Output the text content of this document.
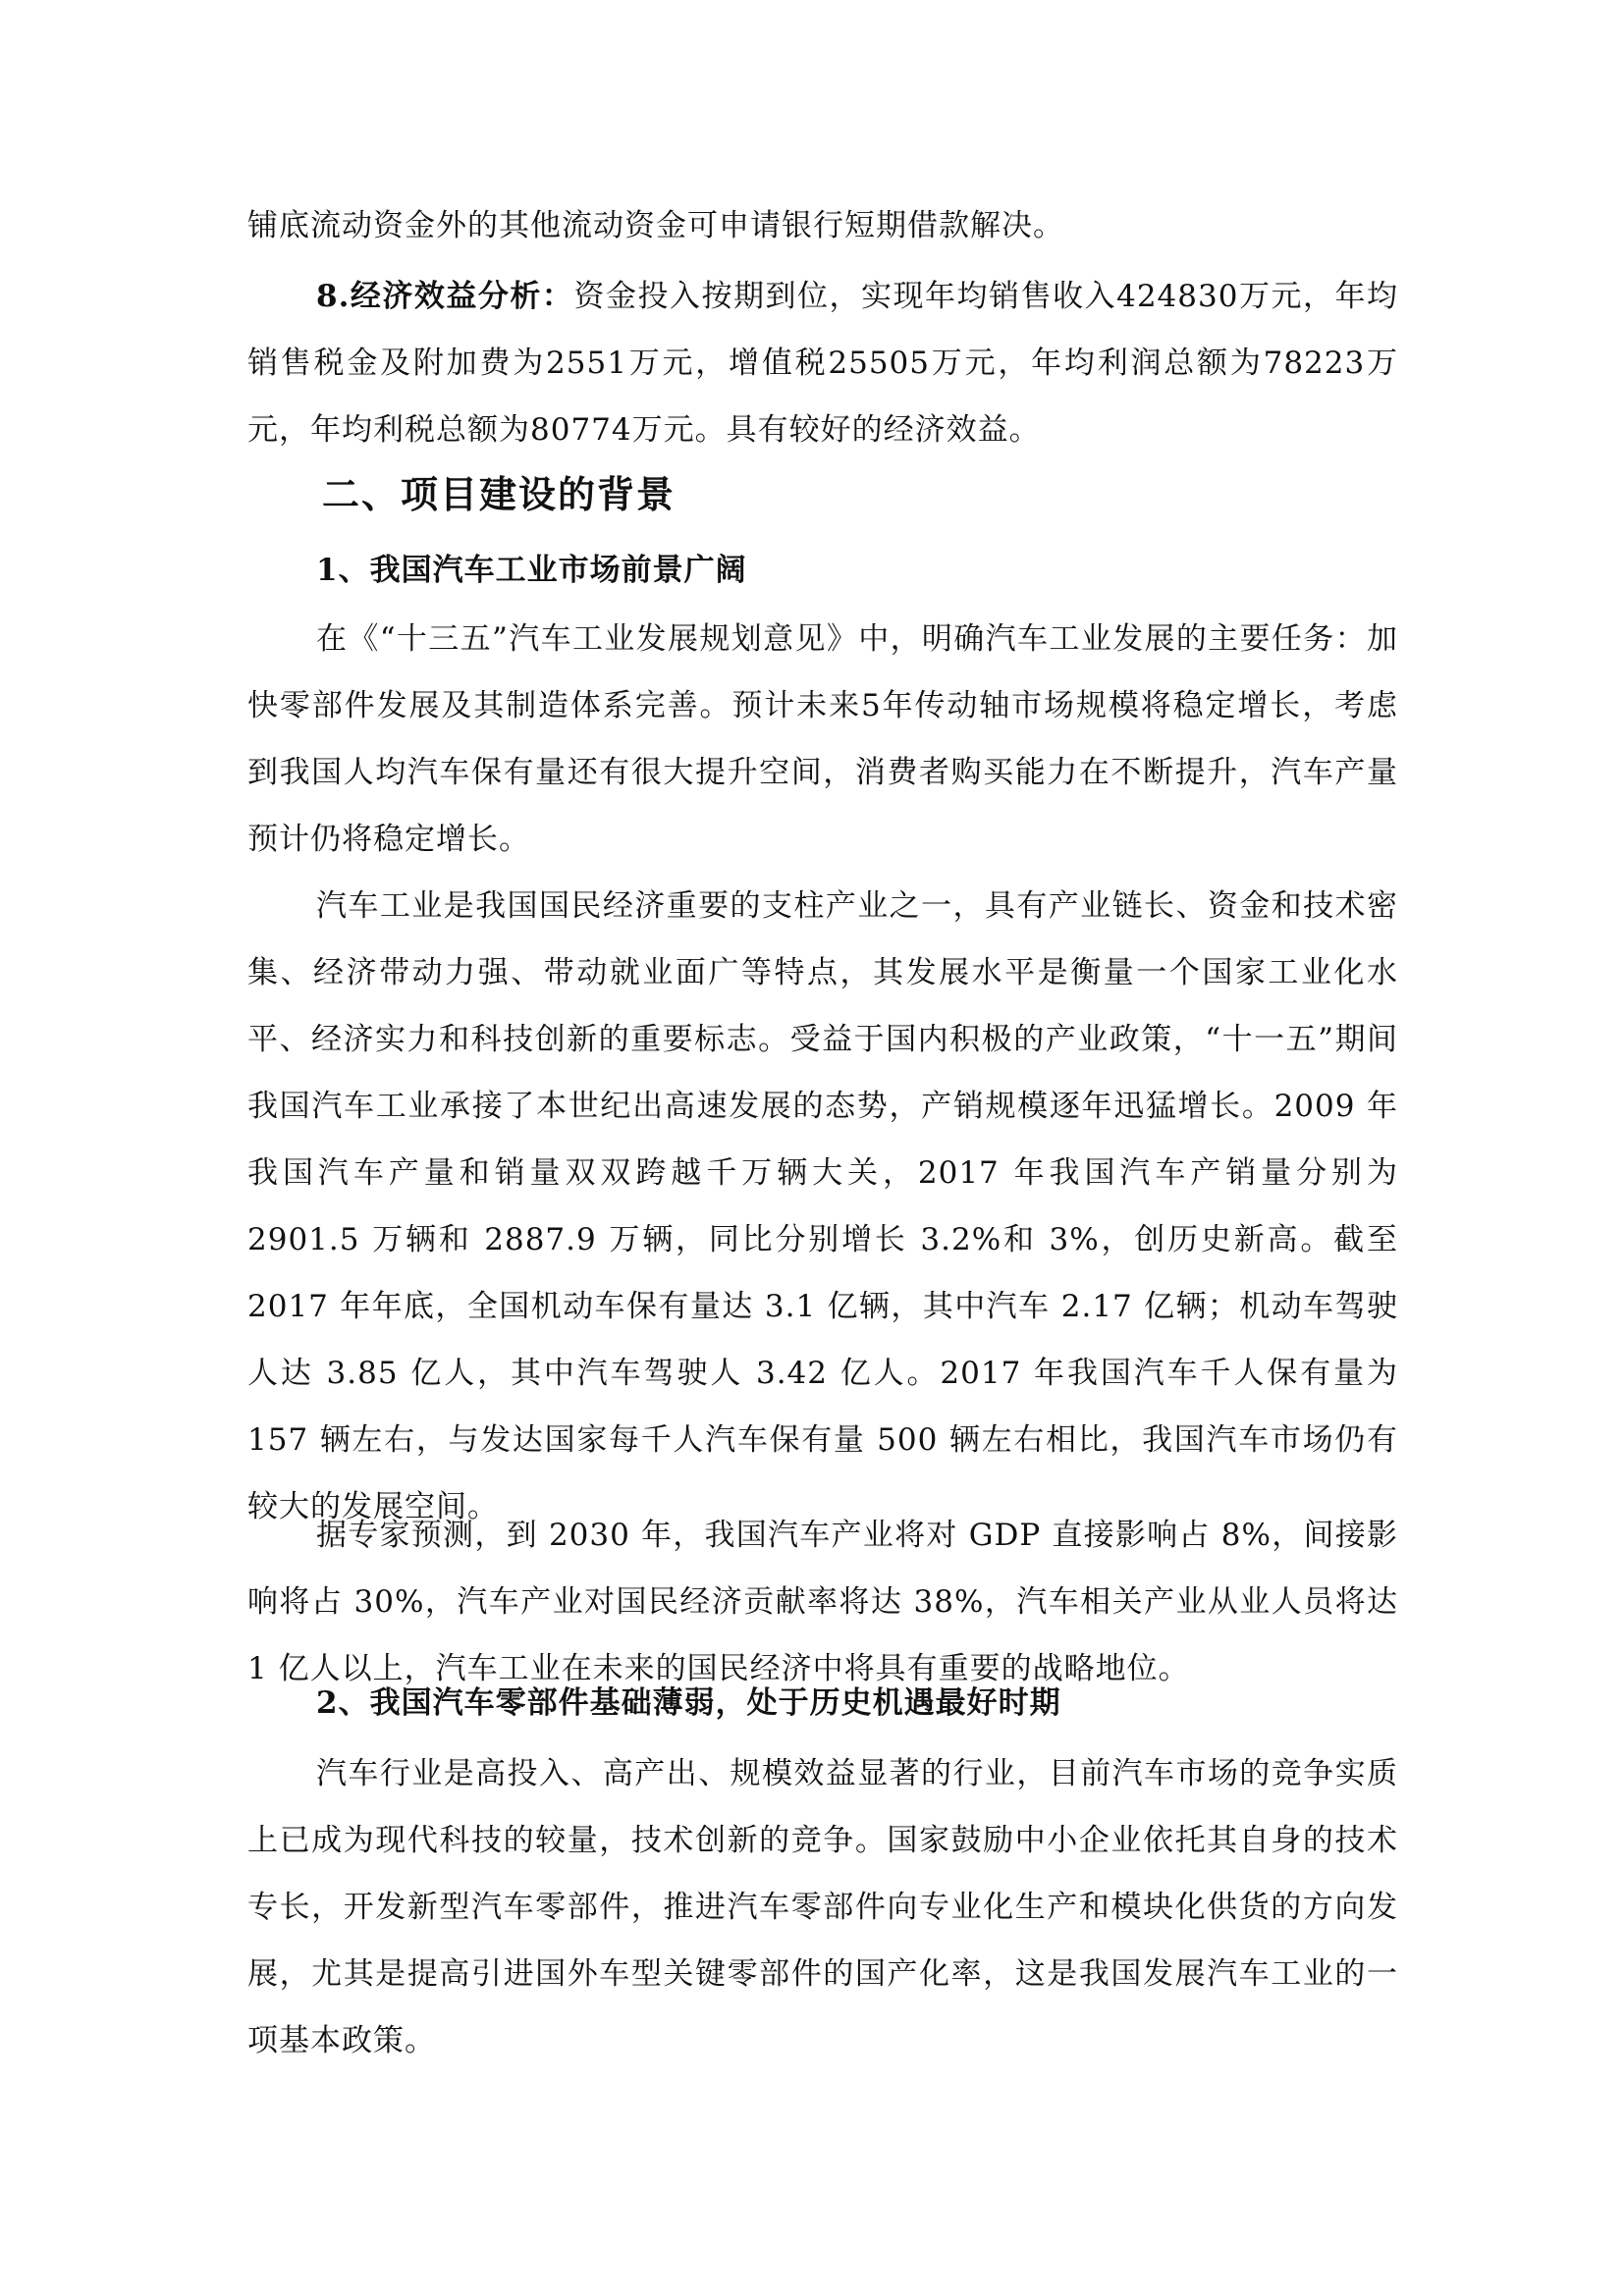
铺底流动资金外的其他流动资金可申请银行短期借款解决。

8.经济效益分析：资金投入按期到位，实现年均销售收入424830万元，年均销售税金及附加费为2551万元，增值税25505万元，年均利润总额为78223万元，年均利税总额为80774万元。具有较好的经济效益。

二、项目建设的背景
1、我国汽车工业市场前景广阔

在《“十三五”汽车工业发展规划意见》中，明确汽车工业发展的主要任务：加快零部件发展及其制造体系完善。预计未来5年传动轴市场规模将稳定增长，考虑到我国人均汽车保有量还有很大提升空间，消费者购买能力在不断提升，汽车产量预计仍将稳定增长。

汽车工业是我国国民经济重要的支柱产业之一，具有产业链长、资金和技术密集、经济带动力强、带动就业面广等特点，其发展水平是衡量一个国家工业化水平、经济实力和科技创新的重要标志。受益于国内积极的产业政策，“十一五”期间我国汽车工业承接了本世纪出高速发展的态势，产销规模逐年迅猛增长。2009 年我国汽车产量和销量双双跨越千万辆大关，2017 年我国汽车产销量分别为 2901.5 万辆和 2887.9 万辆，同比分别增长 3.2%和 3%，创历史新高。截至 2017 年年底，全国机动车保有量达 3.1 亿辆，其中汽车 2.17 亿辆；机动车驾驶人达 3.85 亿人，其中汽车驾驶人 3.42 亿人。2017 年我国汽车千人保有量为 157 辆左右，与发达国家每千人汽车保有量 500 辆左右相比，我国汽车市场仍有较大的发展空间。

据专家预测，到 2030 年，我国汽车产业将对 GDP 直接影响占 8%，间接影响将占 30%，汽车产业对国民经济贡献率将达 38%，汽车相关产业从业人员将达 1 亿人以上，汽车工业在未来的国民经济中将具有重要的战略地位。

2、我国汽车零部件基础薄弱，处于历史机遇最好时期

汽车行业是高投入、高产出、规模效益显著的行业，目前汽车市场的竞争实质上已成为现代科技的较量，技术创新的竞争。国家鼓励中小企业依托其自身的技术专长，开发新型汽车零部件，推进汽车零部件向专业化生产和模块化供货的方向发展，尤其是提高引进国外车型关键零部件的国产化率，这是我国发展汽车工业的一项基本政策。
